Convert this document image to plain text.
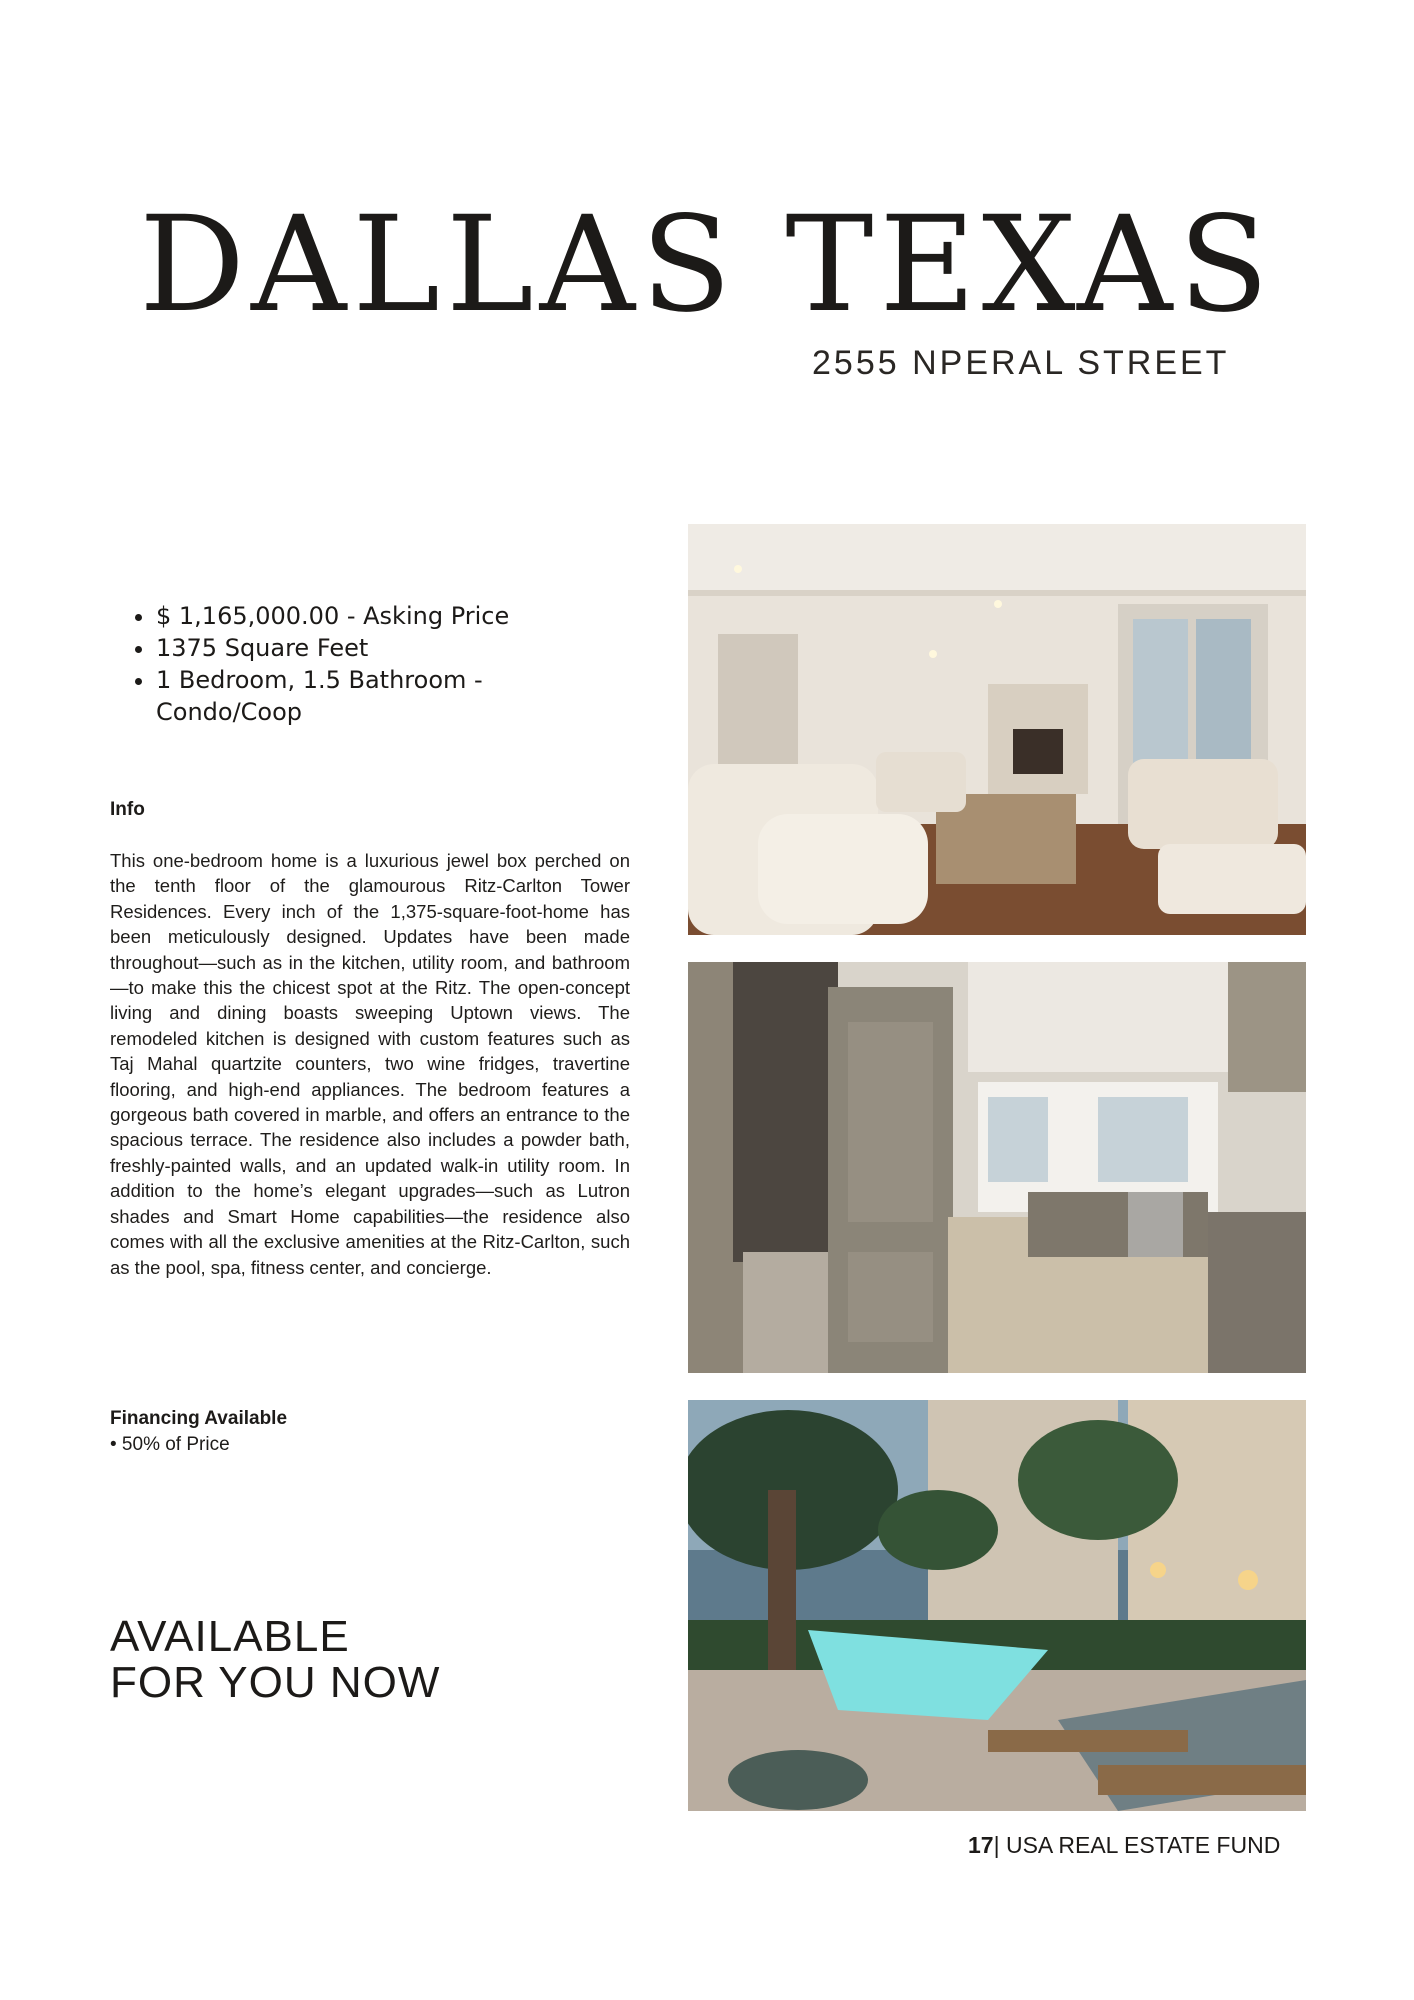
DALLAS TEXAS
2555 NPERAL STREET
• $ 1,165,000.00 - Asking Price
• 1375 Square Feet
• 1 Bedroom, 1.5 Bathroom - Condo/Coop
Info

This one-bedroom home is a luxurious jewel box perched on the tenth floor of the glamourous Ritz-Carlton Tower Residences. Every inch of the 1,375-square-foot-home has been meticulously designed. Updates have been made throughout—such as in the kitchen, utility room, and bathroom—to make this the chicest spot at the Ritz. The open-concept living and dining boasts sweeping Uptown views. The remodeled kitchen is designed with custom features such as Taj Mahal quartzite counters, two wine fridges, travertine flooring, and high-end appliances. The bedroom features a gorgeous bath covered in marble, and offers an entrance to the spacious terrace. The residence also includes a powder bath, freshly-painted walls, and an updated walk-in utility room. In addition to the home’s elegant upgrades—such as Lutron shades and Smart Home capabilities—the residence also comes with all the exclusive amenities at the Ritz-Carlton, such as the pool, spa, fitness center, and concierge.

Financing Available
• 50% of Price
AVAILABLE
FOR YOU NOW
17| USA REAL ESTATE FUND
